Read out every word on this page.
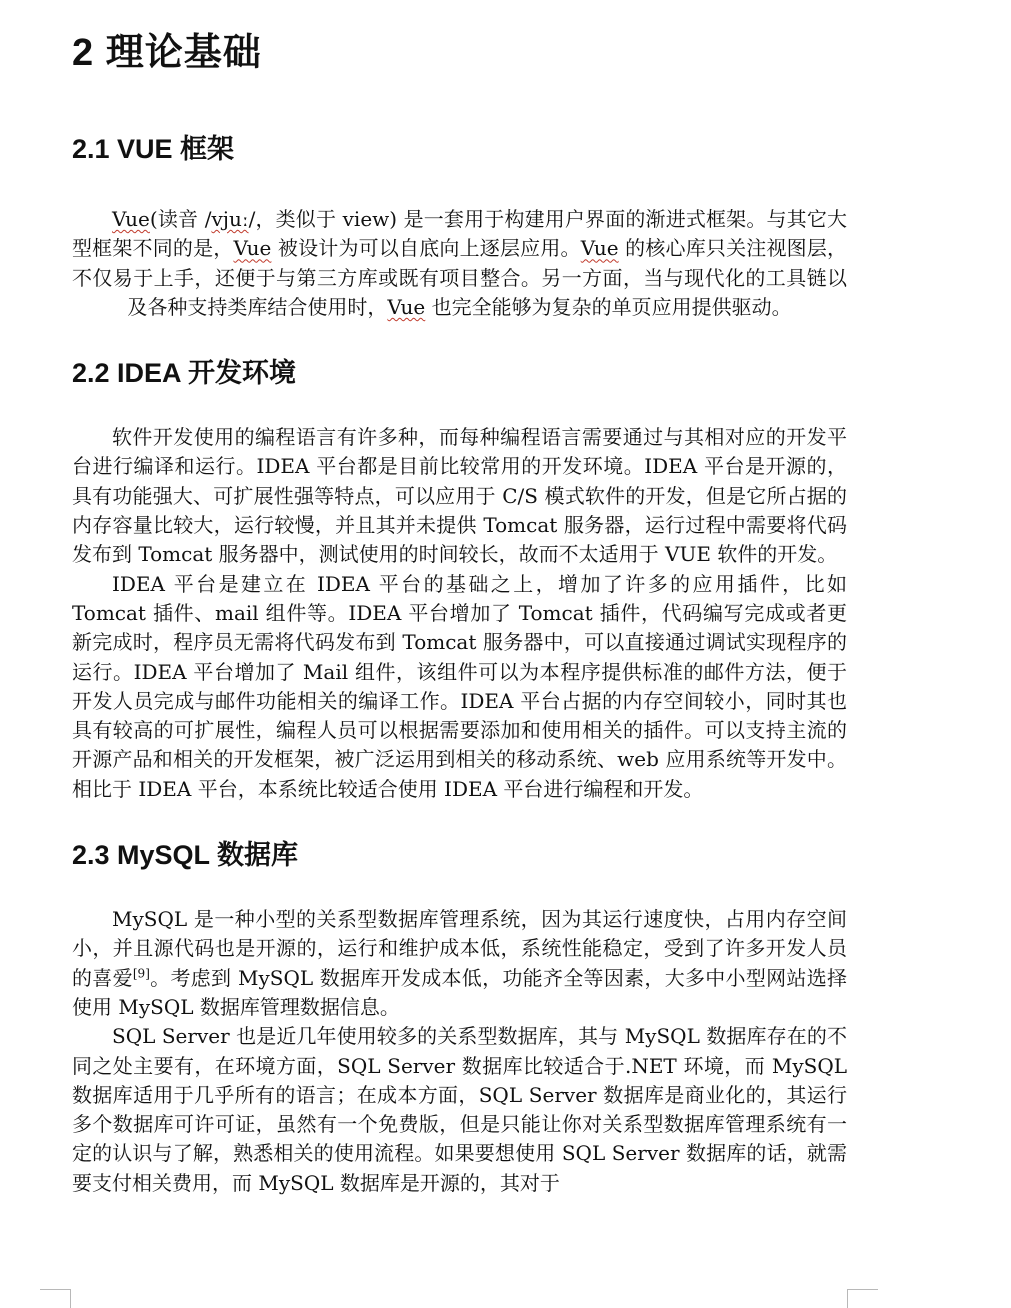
2 理论基础
2.1 VUE 框架

Vue(读音 /vjuː/，类似于 view) 是一套用于构建用户界面的渐进式框架。与其它大型框架不同的是，Vue 被设计为可以自底向上逐层应用。Vue 的核心库只关注视图层，不仅易于上手，还便于与第三方库或既有项目整合。另一方面，当与现代化的工具链以及各种支持类库结合使用时，Vue 也完全能够为复杂的单页应用提供驱动。

2.2 IDEA 开发环境

软件开发使用的编程语言有许多种，而每种编程语言需要通过与其相对应的开发平台进行编译和运行。IDEA 平台都是目前比较常用的开发环境。IDEA 平台是开源的，具有功能强大、可扩展性强等特点，可以应用于 C/S 模式软件的开发，但是它所占据的内存容量比较大，运行较慢，并且其并未提供 Tomcat 服务器，运行过程中需要将代码发布到 Tomcat 服务器中，测试使用的时间较长，故而不太适用于 VUE 软件的开发。

IDEA 平台是建立在 IDEA 平台的基础之上，增加了许多的应用插件，比如 Tomcat 插件、mail 组件等。IDEA 平台增加了 Tomcat 插件，代码编写完成或者更新完成时，程序员无需将代码发布到 Tomcat 服务器中，可以直接通过调试实现程序的运行。IDEA 平台增加了 Mail 组件，该组件可以为本程序提供标准的邮件方法，便于开发人员完成与邮件功能相关的编译工作。IDEA 平台占据的内存空间较小，同时其也具有较高的可扩展性，编程人员可以根据需要添加和使用相关的插件。可以支持主流的开源产品和相关的开发框架，被广泛运用到相关的移动系统、web 应用系统等开发中。相比于 IDEA 平台，本系统比较适合使用 IDEA 平台进行编程和开发。

2.3 MySQL 数据库

MySQL 是一种小型的关系型数据库管理系统，因为其运行速度快，占用内存空间小，并且源代码也是开源的，运行和维护成本低，系统性能稳定，受到了许多开发人员的喜爱[9]。考虑到 MySQL 数据库开发成本低，功能齐全等因素，大多中小型网站选择使用 MySQL 数据库管理数据信息。

SQL Server 也是近几年使用较多的关系型数据库，其与 MySQL 数据库存在的不同之处主要有，在环境方面，SQL Server 数据库比较适合于.NET 环境，而 MySQL 数据库适用于几乎所有的语言；在成本方面，SQL Server 数据库是商业化的，其运行多个数据库可许可证，虽然有一个免费版，但是只能让你对关系型数据库管理系统有一定的认识与了解，熟悉相关的使用流程。如果要想使用 SQL Server 数据库的话，就需要支付相关费用，而 MySQL 数据库是开源的，其对于
